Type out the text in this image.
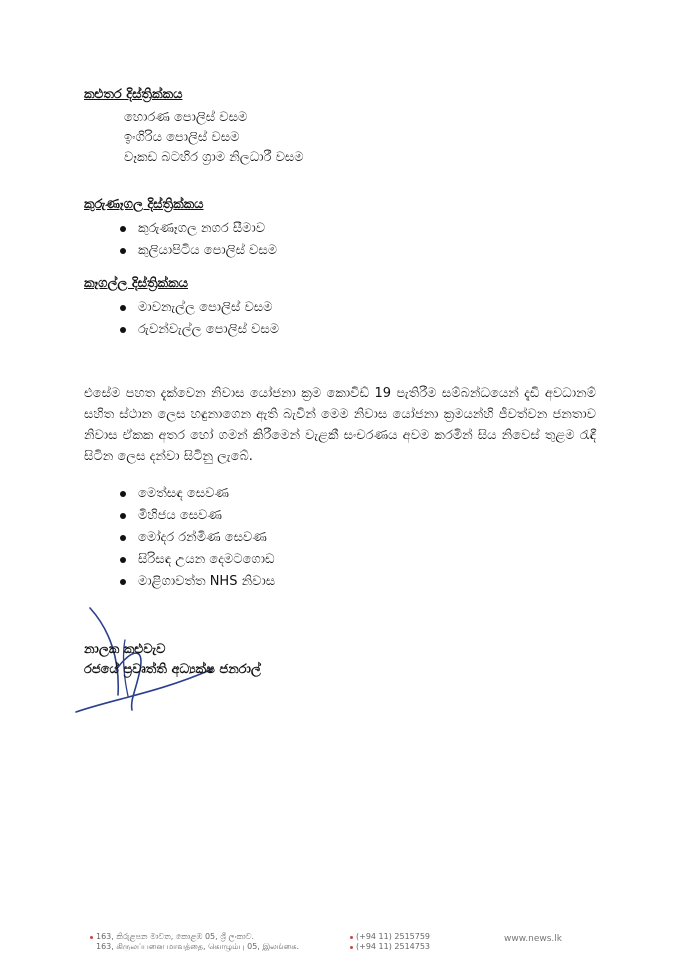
කළුතර දිස්ත්‍රික්කය

හොරණ පොලිස් වසම
ඉංගිරිය පොලිස් වසම
වෑකඩ බටහිර ග්‍රාම නිලධාරී වසම

කුරුණෑගල දිස්ත්‍රික්කය

කුරුණෑගල නගර සීමාව
කුලියාපිටිය පොලිස් වසම

කෑගල්ල දිස්ත්‍රික්කය

මාවනැල්ල පොලිස් වසම
රුවන්වැල්ල පොලිස් වසම

එසේම පහත දැක්වෙන නිවාස යෝජනා ක්‍රම කොවිඩ් 19 පැතිරීම සම්බන්ධයෙන් දැඩි අවධානම් සහිත ස්ථාන ලෙස හඳුනාගෙන ඇති බැවින් මෙම නිවාස යෝජනා ක්‍රමයන්හි ජීවත්වන ජනතාව නිවාස ඒකක අතර හෝ ගමන් කිරීමෙන් වැළකී සංචරණය අවම කරමින් සිය නිවෙස් තුළම රැඳී සිටින ලෙස දන්වා සිටිනු ලැබේ.

මෙත්සඳ සෙවණ
මිහිජය සෙවණ
මෝදර රන්මිණ සෙවණ
සිරිසඳ උයන දෙමටගොඩ
මාළිගාවත්ත NHS නිවාස

නාලක කළුවැව

රජයේ ප්‍රවෘත්ති අධ්‍යක්ෂ ජනරාල්

163, කිරුළපන මාවත, කොළඹ 05, ශ්‍රී ලංකාව.
163, கிருலப்பனை மாவத்தை, கொழும்பு 05, இலங்கை.
(+94 11) 2515759
(+94 11) 2514753
www.news.lk
